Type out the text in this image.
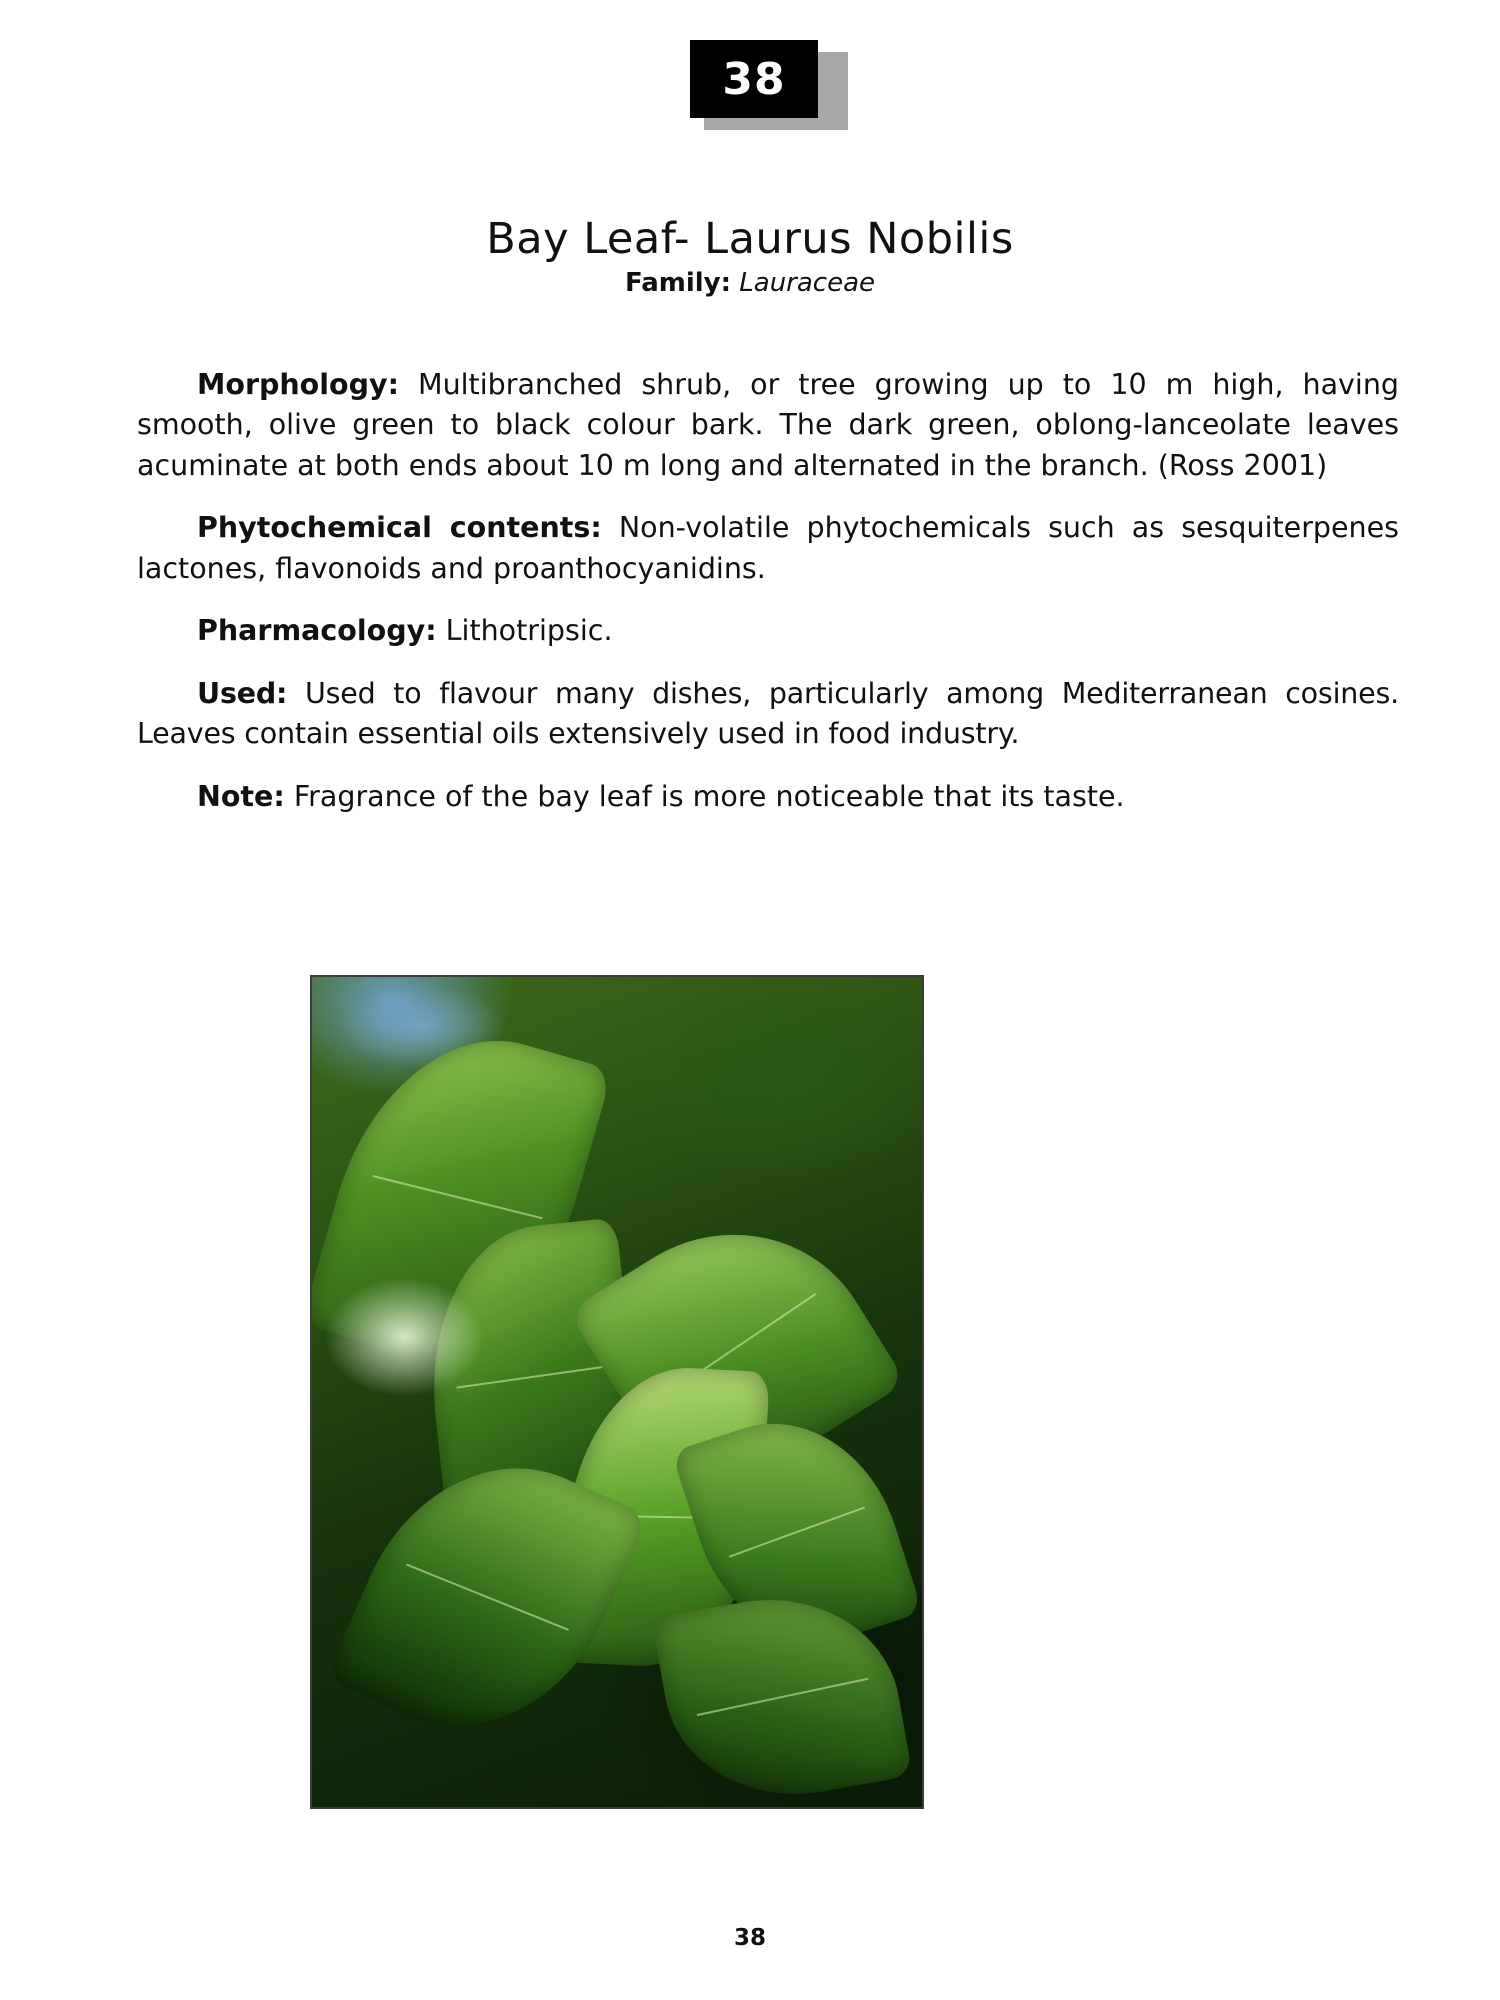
38
Bay Leaf- Laurus Nobilis
Family: Lauraceae

Morphology: Multibranched shrub, or tree growing up to 10 m high, having smooth, olive green to black colour bark. The dark green, oblong-lanceolate leaves acuminate at both ends about 10 m long and alternated in the branch. (Ross 2001)

Phytochemical contents: Non-volatile phytochemicals such as sesquiterpenes lactones, flavonoids and proanthocyanidins.

Pharmacology: Lithotripsic.

Used: Used to flavour many dishes, particularly among Mediterranean cosines. Leaves contain essential oils extensively used in food industry.

Note: Fragrance of the bay leaf is more noticeable that its taste.

38
